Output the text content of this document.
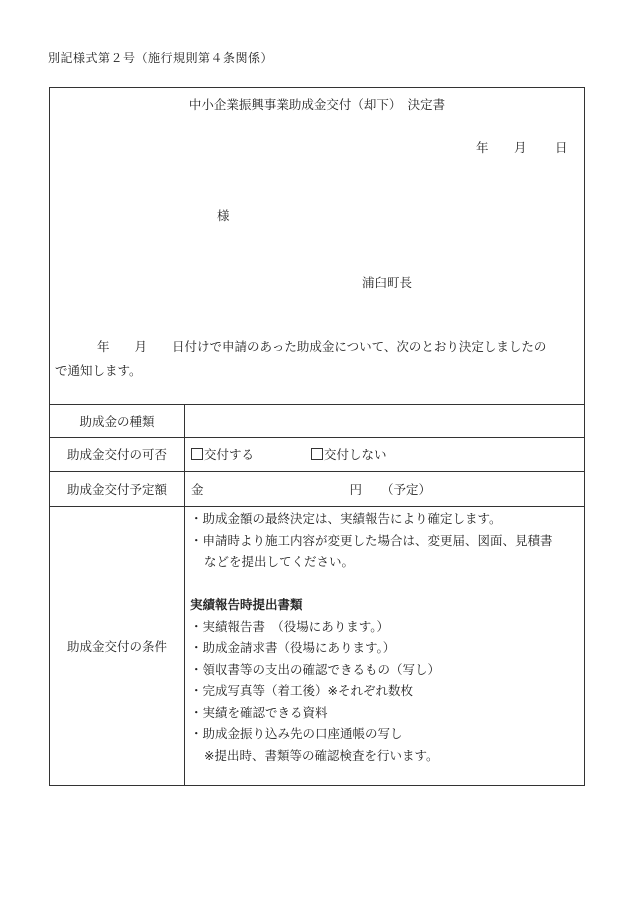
別記様式第２号（施行規則第４条関係）
中小企業振興事業助成金交付（却下）　決定書
年 月 日
様
浦臼町長
年　　月　　日付けで申請のあった助成金について、次のとおり決定しましたの
で通知します。
助成金の種類
助成金交付の可否	交付する	交付しない
助成金交付予定額	金	円 （予定）
助成金交付の条件
・助成金額の最終決定は、実績報告により確定します。
・申請時より施工内容が変更した場合は、変更届、図面、見積書
などを提出してください。
実績報告時提出書類
・実績報告書　（役場にあります。）
・助成金請求書（役場にあります。）
・領収書等の支出の確認できるもの（写し）
・完成写真等（着工後）※それぞれ数枚
・実績を確認できる資料
・助成金振り込み先の口座通帳の写し
※提出時、書類等の確認検査を行います。
